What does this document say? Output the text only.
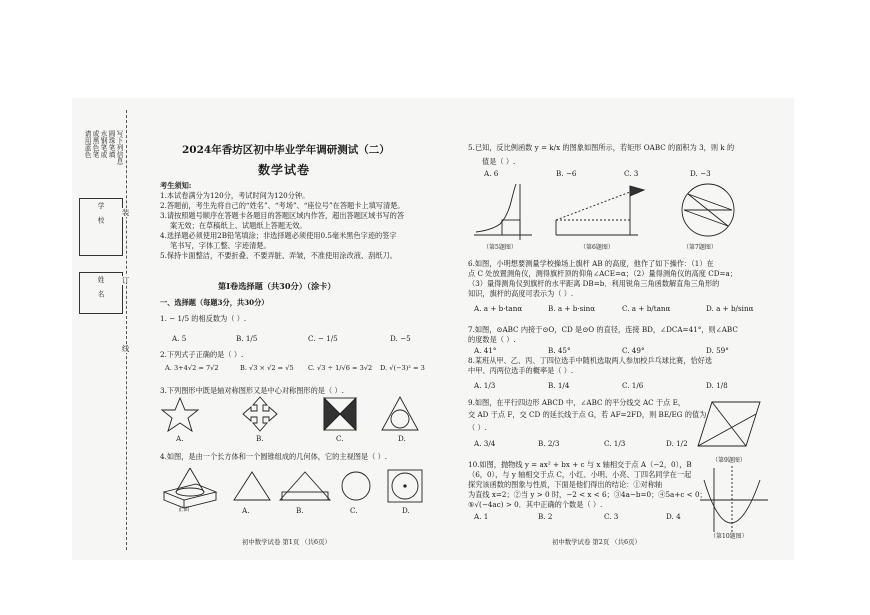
请用蓝色 或黑色笔 水钢笔或 圆珠笔填 写下列信息
学校
姓名
装
订
线
2024年香坊区初中毕业学年调研测试（二）
数学试卷
考生须知:
1.本试卷满分为120分，考试时间为120分钟。
2.答题前，考生先将自己的“姓名”、“考场”、“座位号”在答题卡上填写清楚。
3.请按照题号顺序在答题卡各题目的答题区域内作答，超出答题区域书写的答
案无效；在草稿纸上、试题纸上答题无效。
4.选择题必须使用2B铅笔填涂；非选择题必须使用0.5毫米黑色字迹的签字
笔书写，字体工整、字迹清楚。
5.保持卡面整洁，不要折叠、不要弄脏、弄皱，不准使用涂改液、刮纸刀。
第Ⅰ卷选择题（共30分）（涂卡）
一、选择题（每题3分，共30分）
1. − 1/5 的相反数为（ ）.
A. 5	B. 1/5	C. − 1/5	D. −5
2.下列式子正确的是（ ）.
A. 3+4√2 = 7√2	B. √3 × √2 = √5 C. √3 ÷ 1/√6 = 3√2 D. √(−3)² = 3
3.下列图形中既是轴对称图形又是中心对称图形的是（ ）.
A.	B.	C.	D.
4.如图，是由一个长方体和一个圆锥组成的几何体，它的主视图是（ ）.
正面	A.	B.	C.	D.
初中数学试卷 第1页 （共6页）
5.已知，反比例函数 y = k/x 的图象如图所示，若矩形 OABC 的面积为 3，则 k 的
值是（ ）.
A. 6	B. −6	C. 3	D. −3
（第5题图）	（第6题图）	（第7题图）
6.如图，小明想要测量学校操场上旗杆 AB 的高度，他作了如下操作：（1）在
点 C 处放置测角仪，测得旗杆顶的仰角∠ACE=α；（2）量得测角仪的高度 CD=a；
（3）量得测角仪到旗杆的水平距离 DB=b．利用锐角三角函数解直角三角形的
知识，旗杆的高度可表示为（ ）.
A. a + b·tanα	B. a + b·sinα	C. a + b/tanα	D. a + b/sinα
7.如图，⊙ABC 内接于⊙O，CD 是⊙O 的直径，连接 BD，∠DCA=41°，则∠ABC
的度数是（ ）.
A. 41°	B. 45°	C. 49°	D. 59°
8.某班从甲、乙、丙、丁四位选手中随机选取两人参加校乒乓球比赛，恰好选
中甲、丙两位选手的概率是（ ）.
A. 1/3	B. 1/4	C. 1/6	D. 1/8
9.如图，在平行四边形 ABCD 中，∠ABC 的平分线交 AC 于点 E，
交 AD 于点 F，交 CD 的延长线于点 G，若 AF=2FD，则 BE/EG 的值为
（ ）.
A. 3/4	B. 2/3	C. 1/3	D. 1/2
（第9题图）
10.如图，抛物线 y = ax² + bx + c 与 x 轴相交于点 A（−2，0），B
（6，0），与 y 轴相交于点 C，小红、小明、小亮、丁四名同学在一起
探究该函数的图象与性质，下面是他们得出的结论：①对称轴
为直线 x=2；②当 y > 0 时，−2 < x < 6；③4a−b=0；④5a+c < 0；
⑤√(−4ac) > 0．其中正确的个数是（ ）.
A. 1	B. 2	C. 3	D. 4
（第10题图）
初中数学试卷 第2页 （共6页）
